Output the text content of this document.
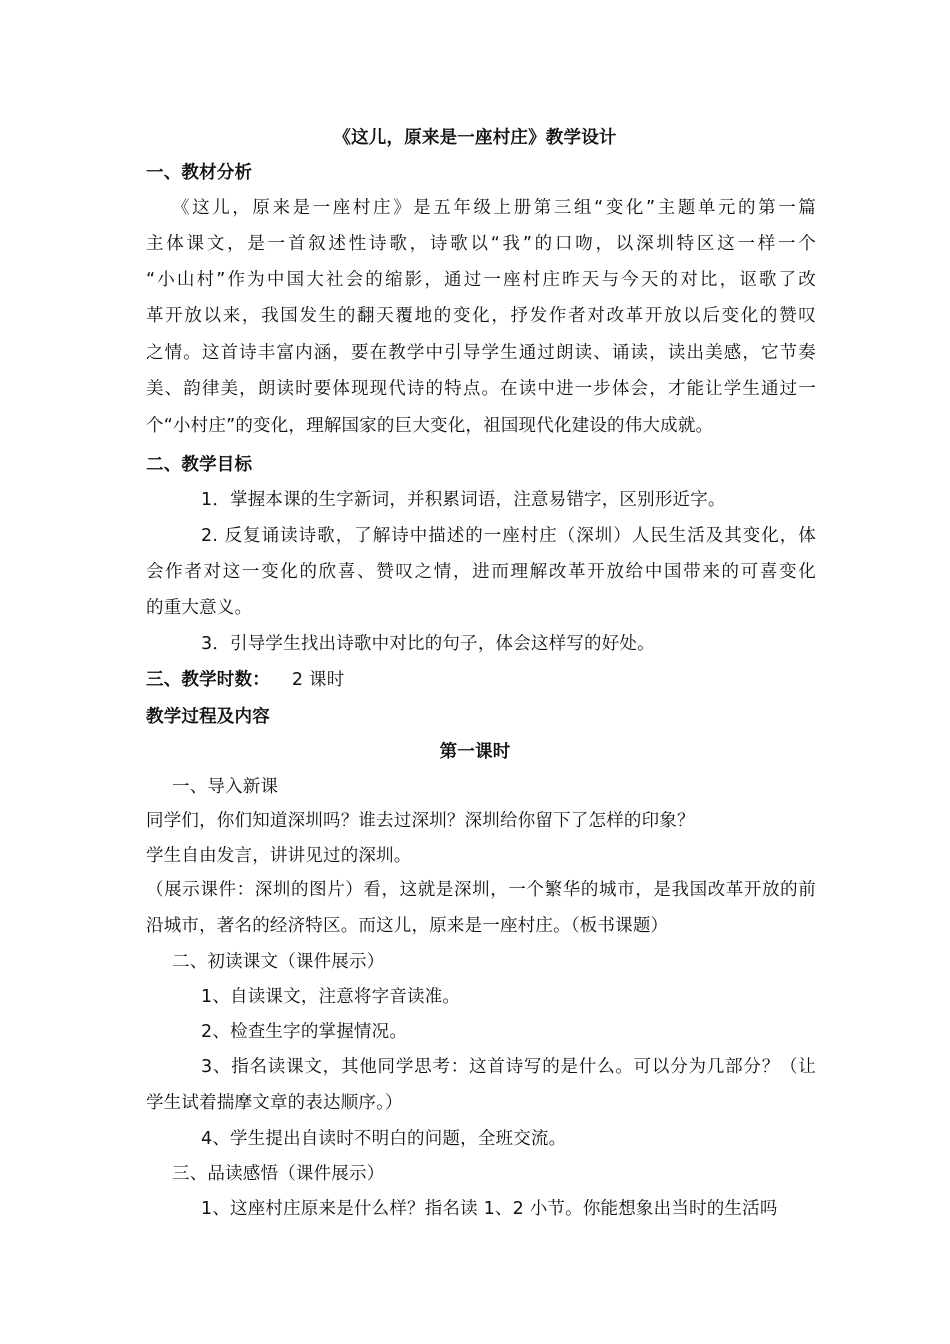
《这儿，原来是一座村庄》教学设计
一、教材分析
《这儿，原来是一座村庄》是五年级上册第三组“变化”主题单元的第一篇
主体课文，是一首叙述性诗歌，诗歌以“我”的口吻，以深圳特区这一样一个
“小山村”作为中国大社会的缩影，通过一座村庄昨天与今天的对比，讴歌了改
革开放以来，我国发生的翻天覆地的变化，抒发作者对改革开放以后变化的赞叹
之情。这首诗丰富内涵，要在教学中引导学生通过朗读、诵读，读出美感，它节奏
美、韵律美，朗读时要体现现代诗的特点。在读中进一步体会，才能让学生通过一
个“小村庄”的变化，理解国家的巨大变化，祖国现代化建设的伟大成就。
二、教学目标
1．掌握本课的生字新词，并积累词语，注意易错字，区别形近字。
2. 反复诵读诗歌，了解诗中描述的一座村庄（深圳）人民生活及其变化，体
会作者对这一变化的欣喜、赞叹之情，进而理解改革开放给中国带来的可喜变化
的重大意义。
3．引导学生找出诗歌中对比的句子，体会这样写的好处。
三、教学时数： 2 课时
教学过程及内容
第一课时
一、导入新课
同学们，你们知道深圳吗？谁去过深圳？深圳给你留下了怎样的印象？
学生自由发言，讲讲见过的深圳。
（展示课件：深圳的图片）看，这就是深圳，一个繁华的城市，是我国改革开放的前
沿城市，著名的经济特区。而这儿，原来是一座村庄。（板书课题）
二、初读课文（课件展示）
1、自读课文，注意将字音读准。
2、检查生字的掌握情况。
3、指名读课文，其他同学思考：这首诗写的是什么。可以分为几部分？（让
学生试着揣摩文章的表达顺序。）
4、学生提出自读时不明白的问题，全班交流。
三、品读感悟（课件展示）
1、这座村庄原来是什么样？指名读 1、2 小节。你能想象出当时的生活吗
